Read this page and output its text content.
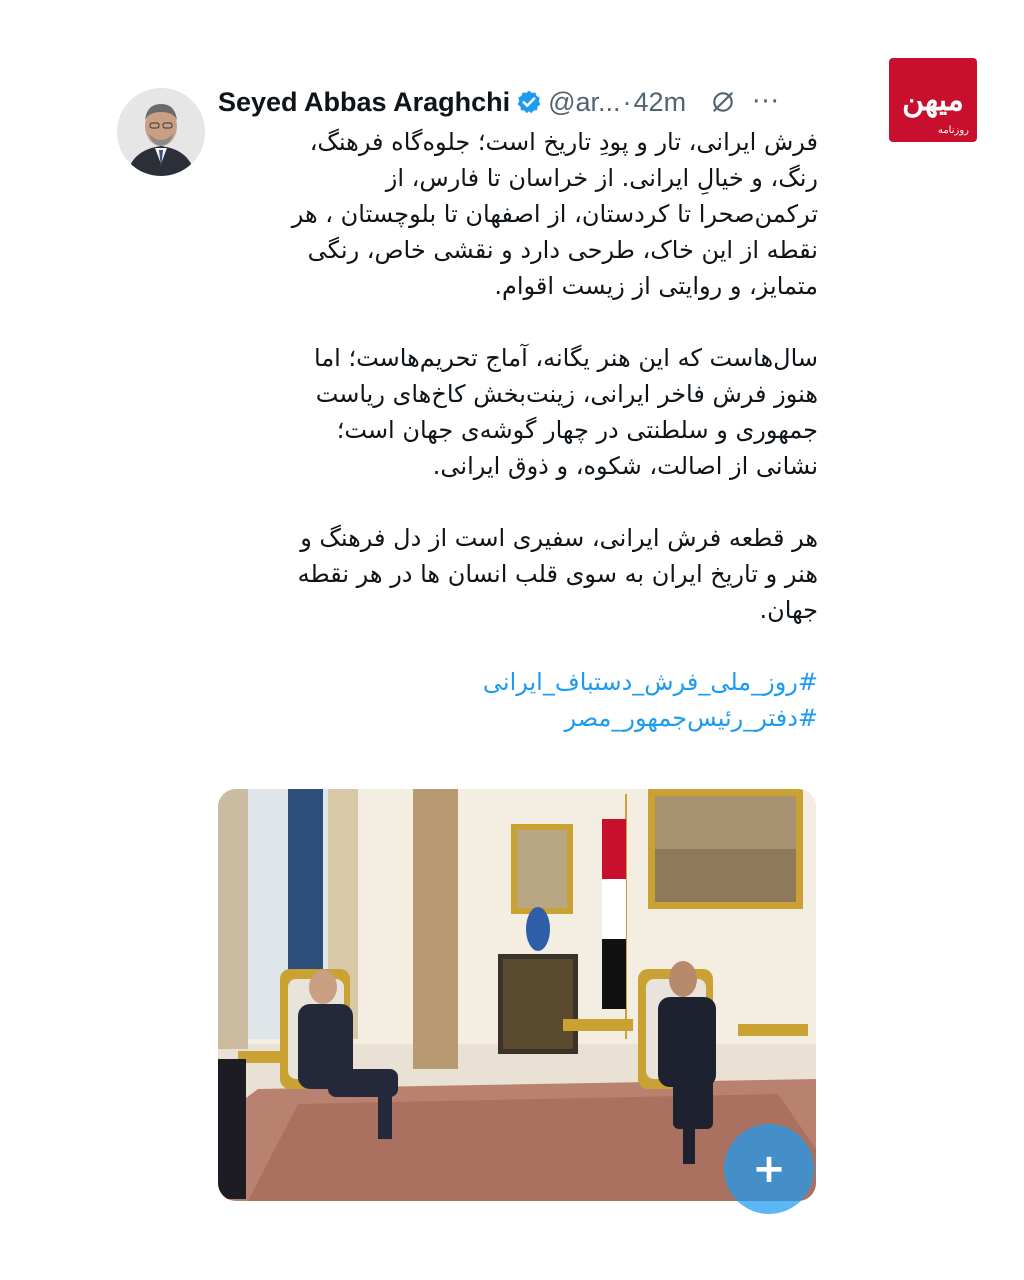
میهن
روزنامه
Seyed Abbas Araghchi @ar... · 42m	···

فرش ایرانی، تار و پودِ تاریخ است؛ جلوه‌گاه فرهنگ،
رنگ، و خیالِ ایرانی. از خراسان تا فارس، از
ترکمن‌صحرا تا کردستان، از اصفهان تا بلوچستان ، هر
نقطه از این خاک، طرحی دارد و نقشی خاص، رنگی
متمایز، و روایتی از زیست اقوام.

سال‌هاست که این هنر یگانه، آماج تحریم‌هاست؛ اما
هنوز فرش فاخر ایرانی، زینت‌بخش کاخ‌های ریاست
جمهوری و سلطنتی در چهار گوشه‌ی جهان است؛
نشانی از اصالت، شکوه، و ذوق ایرانی.

هر قطعه فرش ایرانی، سفیری است از دل فرهنگ و
هنر و تاریخ ایران به سوی قلب انسان ها در هر نقطه
جهان.

#روز_ملی_فرش_دستباف_ایرانی
#دفتر_رئیس‌جمهور_مصر
+
